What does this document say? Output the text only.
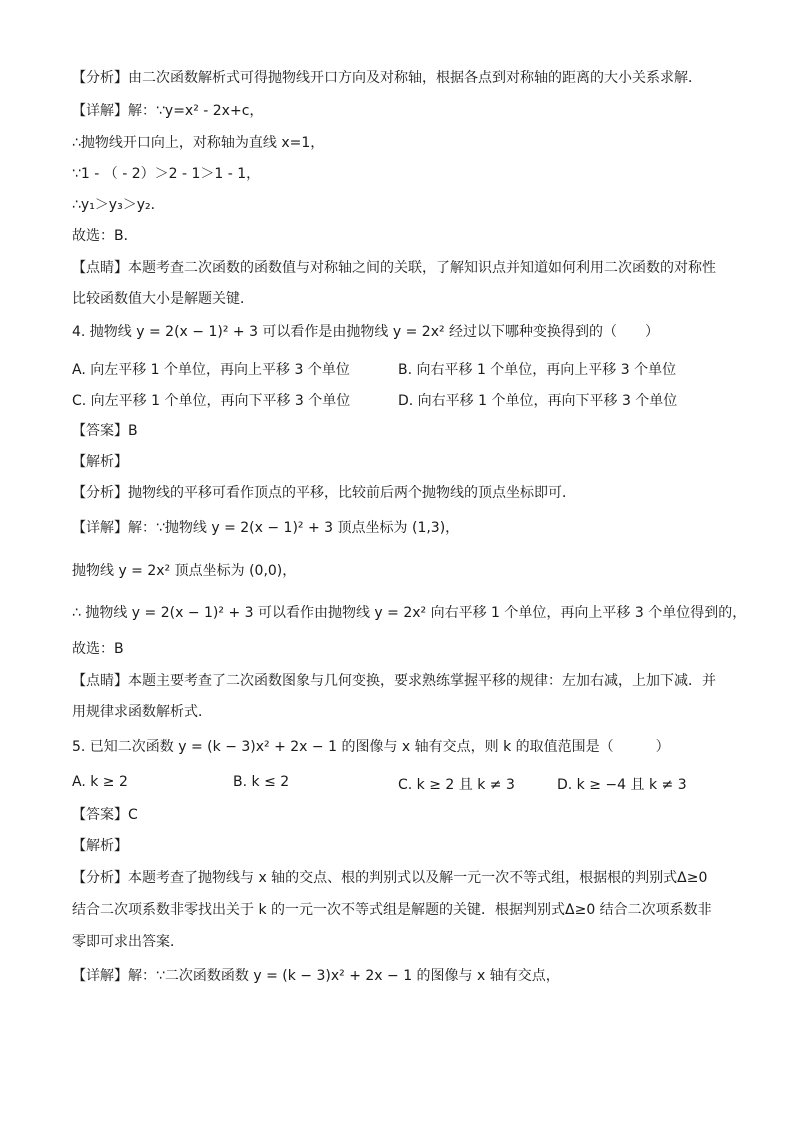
【分析】由二次函数解析式可得抛物线开口方向及对称轴，根据各点到对称轴的距离的大小关系求解．
【详解】解：∵y=x² - 2x+c，
∴抛物线开口向上，对称轴为直线 x=1，
∵1 - （ - 2）＞2 - 1＞1 - 1，
∴y₁＞y₃＞y₂．
故选：B．
【点睛】本题考查二次函数的函数值与对称轴之间的关联，了解知识点并知道如何利用二次函数的对称性
比较函数值大小是解题关键．
4. 抛物线 y = 2(x − 1)² + 3 可以看作是由抛物线 y = 2x² 经过以下哪种变换得到的（　　）
A. 向左平移 1 个单位，再向上平移 3 个单位	B. 向右平移 1 个单位，再向上平移 3 个单位
C. 向左平移 1 个单位，再向下平移 3 个单位	D. 向右平移 1 个单位，再向下平移 3 个单位
【答案】B
【解析】
【分析】抛物线的平移可看作顶点的平移，比较前后两个抛物线的顶点坐标即可．
【详解】解：∵抛物线 y = 2(x − 1)² + 3 顶点坐标为 (1,3)，
抛物线 y = 2x² 顶点坐标为 (0,0)，
∴ 抛物线 y = 2(x − 1)² + 3 可以看作由抛物线 y = 2x² 向右平移 1 个单位，再向上平移 3 个单位得到的，
故选：B
【点睛】本题主要考查了二次函数图象与几何变换，要求熟练掌握平移的规律：左加右减，上加下减．并
用规律求函数解析式．
5. 已知二次函数 y = (k − 3)x² + 2x − 1 的图像与 x 轴有交点，则 k 的取值范围是（　　　）
A. k ≥ 2	B. k ≤ 2	C. k ≥ 2 且 k ≠ 3	D. k ≥ −4 且 k ≠ 3
【答案】C
【解析】
【分析】本题考查了抛物线与 x 轴的交点、根的判别式以及解一元一次不等式组，根据根的判别式Δ≥0
结合二次项系数非零找出关于 k 的一元一次不等式组是解题的关键．根据判别式Δ≥0 结合二次项系数非
零即可求出答案．
【详解】解：∵二次函数函数 y = (k − 3)x² + 2x − 1 的图像与 x 轴有交点，
